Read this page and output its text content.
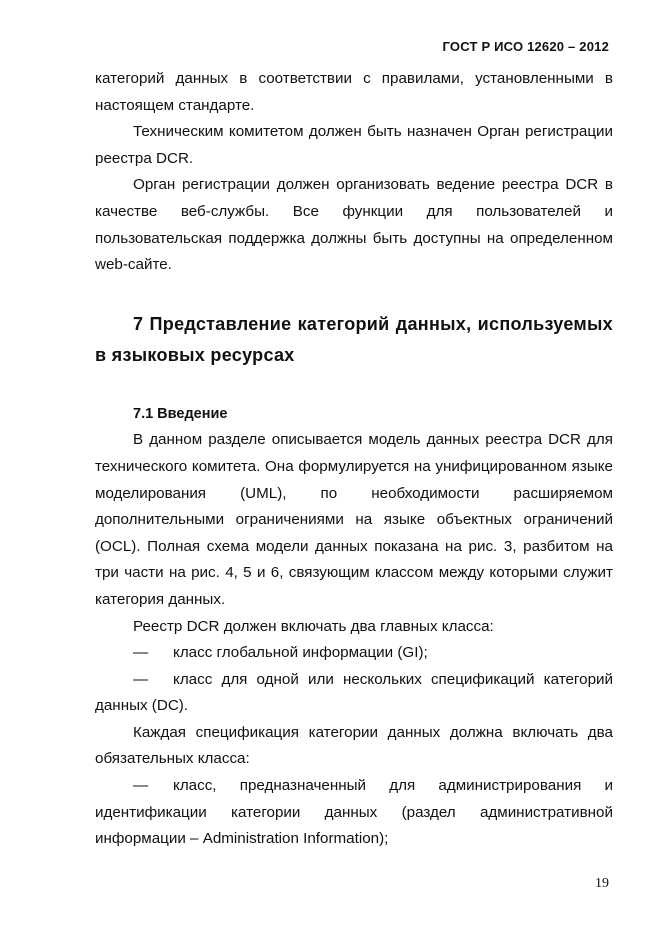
ГОСТ Р ИСО 12620 – 2012

категорий данных в соответствии с правилами, установленными в настоящем стандарте.

Техническим комитетом должен быть назначен Орган регистрации реестра DCR.

Орган регистрации должен организовать ведение реестра DCR в качестве веб-службы. Все функции для пользователей и пользовательская поддержка должны быть доступны на определенном web-сайте.

7 Представление категорий данных, используемых в языковых ресурсах

7.1 Введение

В данном разделе описывается модель данных реестра DCR для технического комитета. Она формулируется на унифицированном языке моделирования (UML), по необходимости расширяемом дополнительными ограничениями на языке объектных ограничений (OCL). Полная схема модели данных показана на рис. 3, разбитом на три части на рис. 4, 5 и 6, связующим классом между которыми служит категория данных.

Реестр DCR должен включать два главных класса:

— класс глобальной информации (GI);

— класс для одной или нескольких спецификаций категорий данных (DC).

Каждая спецификация категории данных должна включать два обязательных класса:

— класс, предназначенный для администрирования и идентификации категории данных (раздел административной информации – Administration Information);

19
